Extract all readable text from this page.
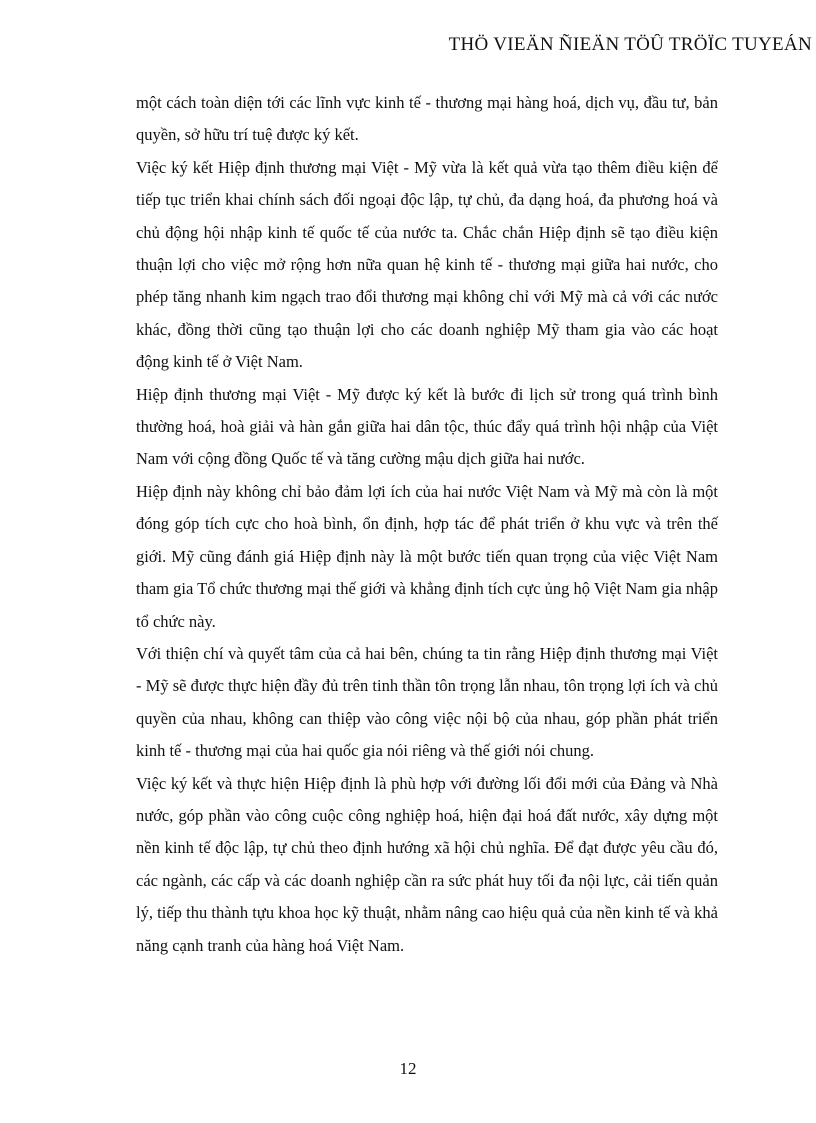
THÖ VIEÄN ÑIEÄN TÖÛ TRÖÏC TUYEÁN

một cách toàn diện tới các lĩnh vực kinh tế - thương mại hàng hoá, dịch vụ, đầu tư, bản quyền, sở hữu trí tuệ được ký kết.

Việc ký kết Hiệp định thương mại Việt - Mỹ vừa là kết quả vừa tạo thêm điều kiện để tiếp tục triển khai chính sách đối ngoại độc lập, tự chủ, đa dạng hoá, đa phương hoá và chủ động hội nhập kinh tế quốc tế của nước ta. Chắc chắn Hiệp định sẽ tạo điều kiện thuận lợi cho việc mở rộng hơn nữa quan hệ kinh tế - thương mại giữa hai nước, cho phép tăng nhanh kim ngạch trao đổi thương mại không chỉ với Mỹ mà cả với các nước khác, đồng thời cũng tạo thuận lợi cho các doanh nghiệp Mỹ tham gia vào các hoạt động kinh tế ở Việt Nam.

Hiệp định thương mại Việt - Mỹ được ký kết là bước đi lịch sử trong quá trình bình thường hoá, hoà giải và hàn gắn giữa hai dân tộc, thúc đẩy quá trình hội nhập của Việt Nam với cộng đồng Quốc tế và tăng cường mậu dịch giữa hai nước.

Hiệp định này không chỉ bảo đảm lợi ích của hai nước Việt Nam và Mỹ mà còn là một đóng góp tích cực cho hoà bình, ổn định, hợp tác để phát triển ở khu vực và trên thế giới. Mỹ cũng đánh giá Hiệp định này là một bước tiến quan trọng của việc Việt Nam tham gia Tổ chức thương mại thế giới và khẳng định tích cực ủng hộ Việt Nam gia nhập tổ chức này.

Với thiện chí và quyết tâm của cả hai bên, chúng ta tin rằng Hiệp định thương mại Việt - Mỹ sẽ được thực hiện đầy đủ trên tinh thần tôn trọng lẫn nhau, tôn trọng lợi ích và chủ quyền của nhau, không can thiệp vào công việc nội bộ của nhau, góp phần phát triển kinh tế - thương mại của hai quốc gia nói riêng và thế giới nói chung.

Việc ký kết và thực hiện Hiệp định là phù hợp với đường lối đổi mới của Đảng và Nhà nước, góp phần vào công cuộc công nghiệp hoá, hiện đại hoá đất nước, xây dựng một nền kinh tế độc lập, tự chủ theo định hướng xã hội chủ nghĩa. Để đạt được yêu cầu đó, các ngành, các cấp và các doanh nghiệp cần ra sức phát huy tối đa nội lực, cải tiến quản lý, tiếp thu thành tựu khoa học kỹ thuật, nhằm nâng cao hiệu quả của nền kinh tế và khả năng cạnh tranh của hàng hoá Việt Nam.

12
